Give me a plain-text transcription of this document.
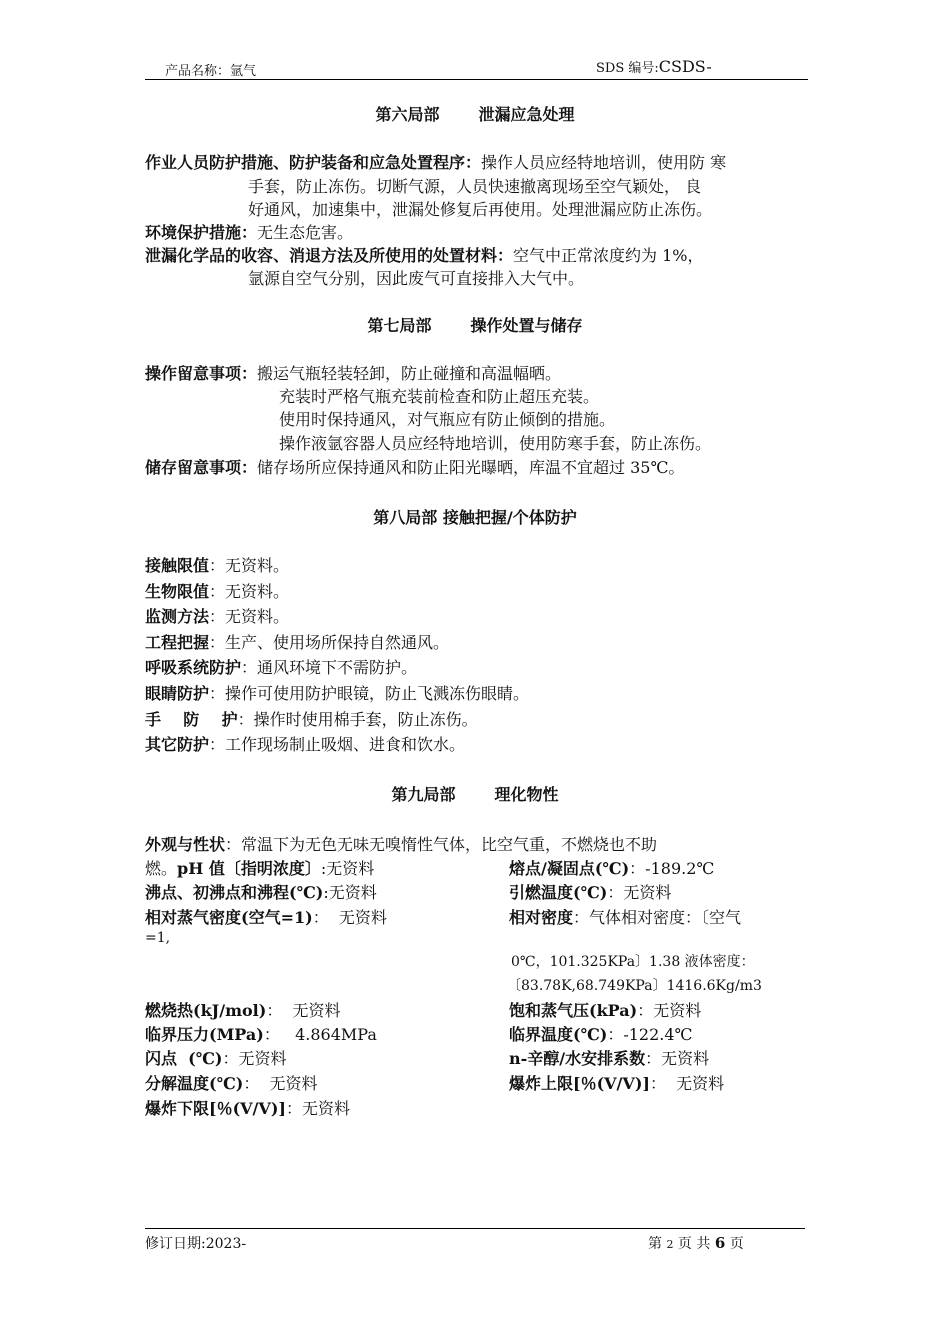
产品名称：氩气	SDS 编号:CSDS-
第六局部       泄漏应急处理
作业人员防护措施、防护装备和应急处置程序：操作人员应经特地培训，使用防 寒
手套，防止冻伤。切断气源，人员快速撤离现场至空气颖处， 良
好通风，加速集中，泄漏处修复后再使用。处理泄漏应防止冻伤。
环境保护措施：无生态危害。
泄漏化学品的收容、消退方法及所使用的处置材料：空气中正常浓度约为 1%，
氩源自空气分别，因此废气可直接排入大气中。
第七局部       操作处置与储存
操作留意事项：搬运气瓶轻装轻卸，防止碰撞和高温幅晒。
充装时严格气瓶充装前检查和防止超压充装。
使用时保持通风，对气瓶应有防止倾倒的措施。
操作液氩容器人员应经特地培训，使用防寒手套，防止冻伤。
储存留意事项：储存场所应保持通风和防止阳光曝晒，库温不宜超过 35℃。
第八局部 接触把握/个体防护
接触限值：无资料。
生物限值：无资料。
监测方法：无资料。
工程把握：生产、使用场所保持自然通风。
呼吸系统防护：通风环境下不需防护。
眼睛防护：操作可使用防护眼镜，防止飞溅冻伤眼睛。
手    防    护：操作时使用棉手套，防止冻伤。
其它防护：工作现场制止吸烟、进食和饮水。
第九局部       理化物性
外观与性状：常温下为无色无味无嗅惰性气体，比空气重，不燃烧也不助
燃。pH 值〔指明浓度〕:无资料	熔点/凝固点(℃)：-189.2℃
沸点、初沸点和沸程(℃):无资料	引燃温度(℃)：无资料
相对蒸气密度(空气=1)：  无资料	相对密度：气体相对密度：〔空气
=1,
0℃，101.325KPa〕1.38 液体密度：
〔83.78K,68.749KPa〕1416.6Kg/m3
燃烧热(kJ/mol)：  无资料	饱和蒸气压(kPa)：无资料
临界压力(MPa)：   4.864MPa	临界温度(℃)：-122.4℃
闪点  (℃)：无资料	n-辛醇/水安排系数：无资料
分解温度(℃)：  无资料	爆炸上限[％(V/V)]：  无资料
爆炸下限[％(V/V)]：无资料
修订日期:2023-	第 2 页 共 6 页
